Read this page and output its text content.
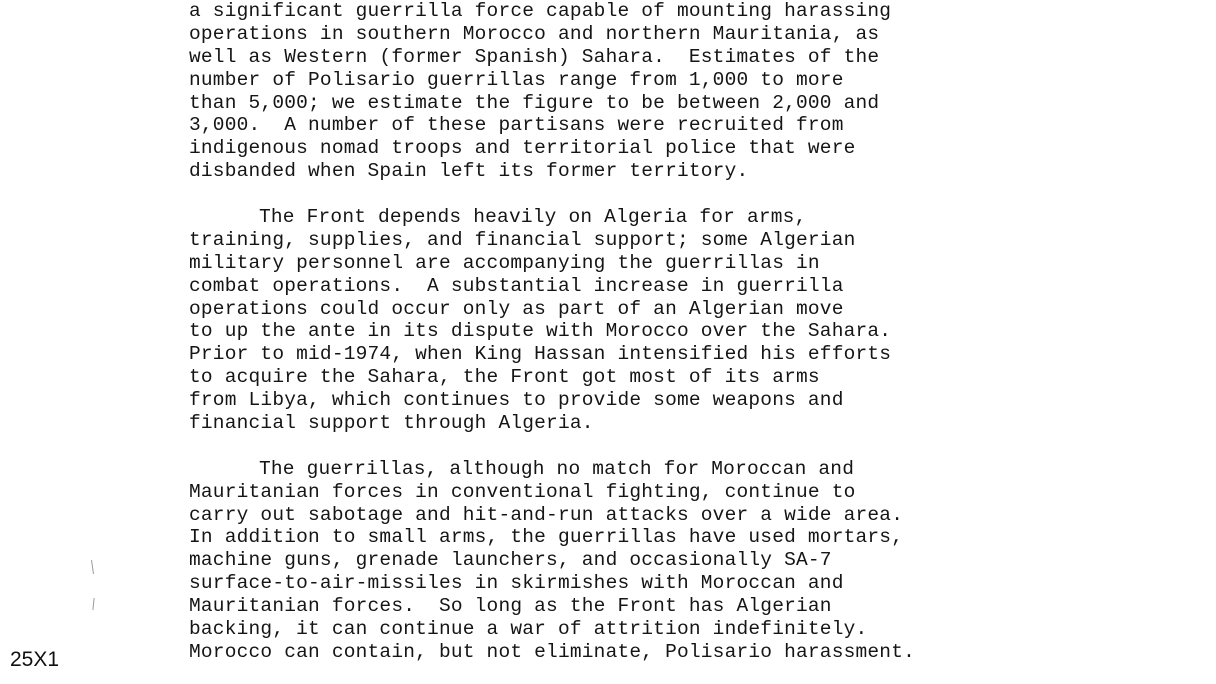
a significant guerrilla force capable of mounting harassing
operations in southern Morocco and northern Mauritania, as
well as Western (former Spanish) Sahara.  Estimates of the
number of Polisario guerrillas range from 1,000 to more
than 5,000; we estimate the figure to be between 2,000 and
3,000.  A number of these partisans were recruited from
indigenous nomad troops and territorial police that were
disbanded when Spain left its former territory.
The Front depends heavily on Algeria for arms,
training, supplies, and financial support; some Algerian
military personnel are accompanying the guerrillas in
combat operations.  A substantial increase in guerrilla
operations could occur only as part of an Algerian move
to up the ante in its dispute with Morocco over the Sahara.
Prior to mid-1974, when King Hassan intensified his efforts
to acquire the Sahara, the Front got most of its arms
from Libya, which continues to provide some weapons and
financial support through Algeria.
The guerrillas, although no match for Moroccan and
Mauritanian forces in conventional fighting, continue to
carry out sabotage and hit-and-run attacks over a wide area.
In addition to small arms, the guerrillas have used mortars,
machine guns, grenade launchers, and occasionally SA-7
surface-to-air-missiles in skirmishes with Moroccan and
Mauritanian forces.  So long as the Front has Algerian
backing, it can continue a war of attrition indefinitely.
Morocco can contain, but not eliminate, Polisario harassment.
25X1
